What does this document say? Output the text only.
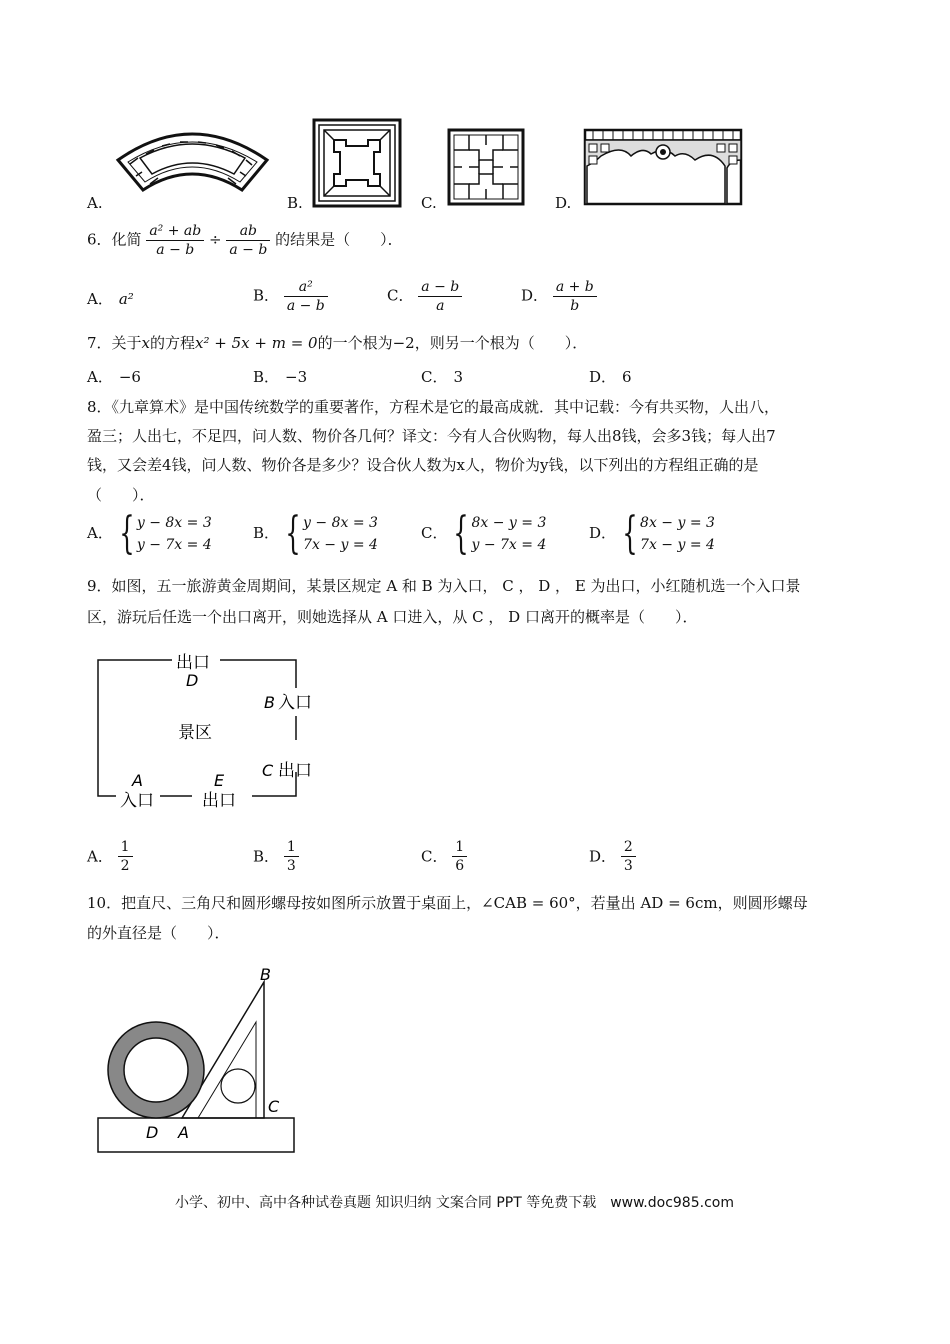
A.	B.	C.	D.
6．化简 $\frac{\text{a² + ab}}{a - b} \div \frac{ab}{a - b}$ 的结果是（　　）．
A． a²	B． $\frac{\text{a²}}{a - b}$	C． $\frac{a - b}{a}$	D． $\frac{a + b}{b}$
7．关于x的方程x² + 5x + m = 0的一个根为−2，则另一个根为（　　）．
A． −6	B． −3	C． 3	D． 6
8．《九章算术》是中国传统数学的重要著作，方程术是它的最高成就．其中记载：今有共买物，人出八，
盈三；人出七，不足四，问人数、物价各几何？译文：今有人合伙购物，每人出8钱，会多3钱；每人出7
钱，又会差4钱，问人数、物价各是多少？设合伙人数为x人，物价为y钱，以下列出的方程组正确的是
（　　）．
A． { y − 8x = 3
y − 7x = 4
B． { y − 8x = 3
7x − y = 4
C． { 8x − y = 3
y − 7x = 4
D． { 8x − y = 3
7x − y = 4
9．如图，五一旅游黄金周期间，某景区规定 A 和 B 为入口， C ， D ， E 为出口，小红随机选一个入口景
区，游玩后任选一个出口离开，则她选择从 A 口进入，从 C ， D 口离开的概率是（　　）．
出口
D
B 入口
景区
C 出口
A
入口
E
出口
A． $\frac{1}{2}$	B． $\frac{1}{3}$	C． $\frac{1}{6}$	D． $\frac{2}{3}$
10．把直尺、三角尺和圆形螺母按如图所示放置于桌面上，∠CAB = 60°，若量出 AD = 6cm，则圆形螺母
的外直径是（　　）．
B
C
D A
小学、初中、高中各种试卷真题 知识归纳 文案合同 PPT 等免费下载　www.doc985.com
